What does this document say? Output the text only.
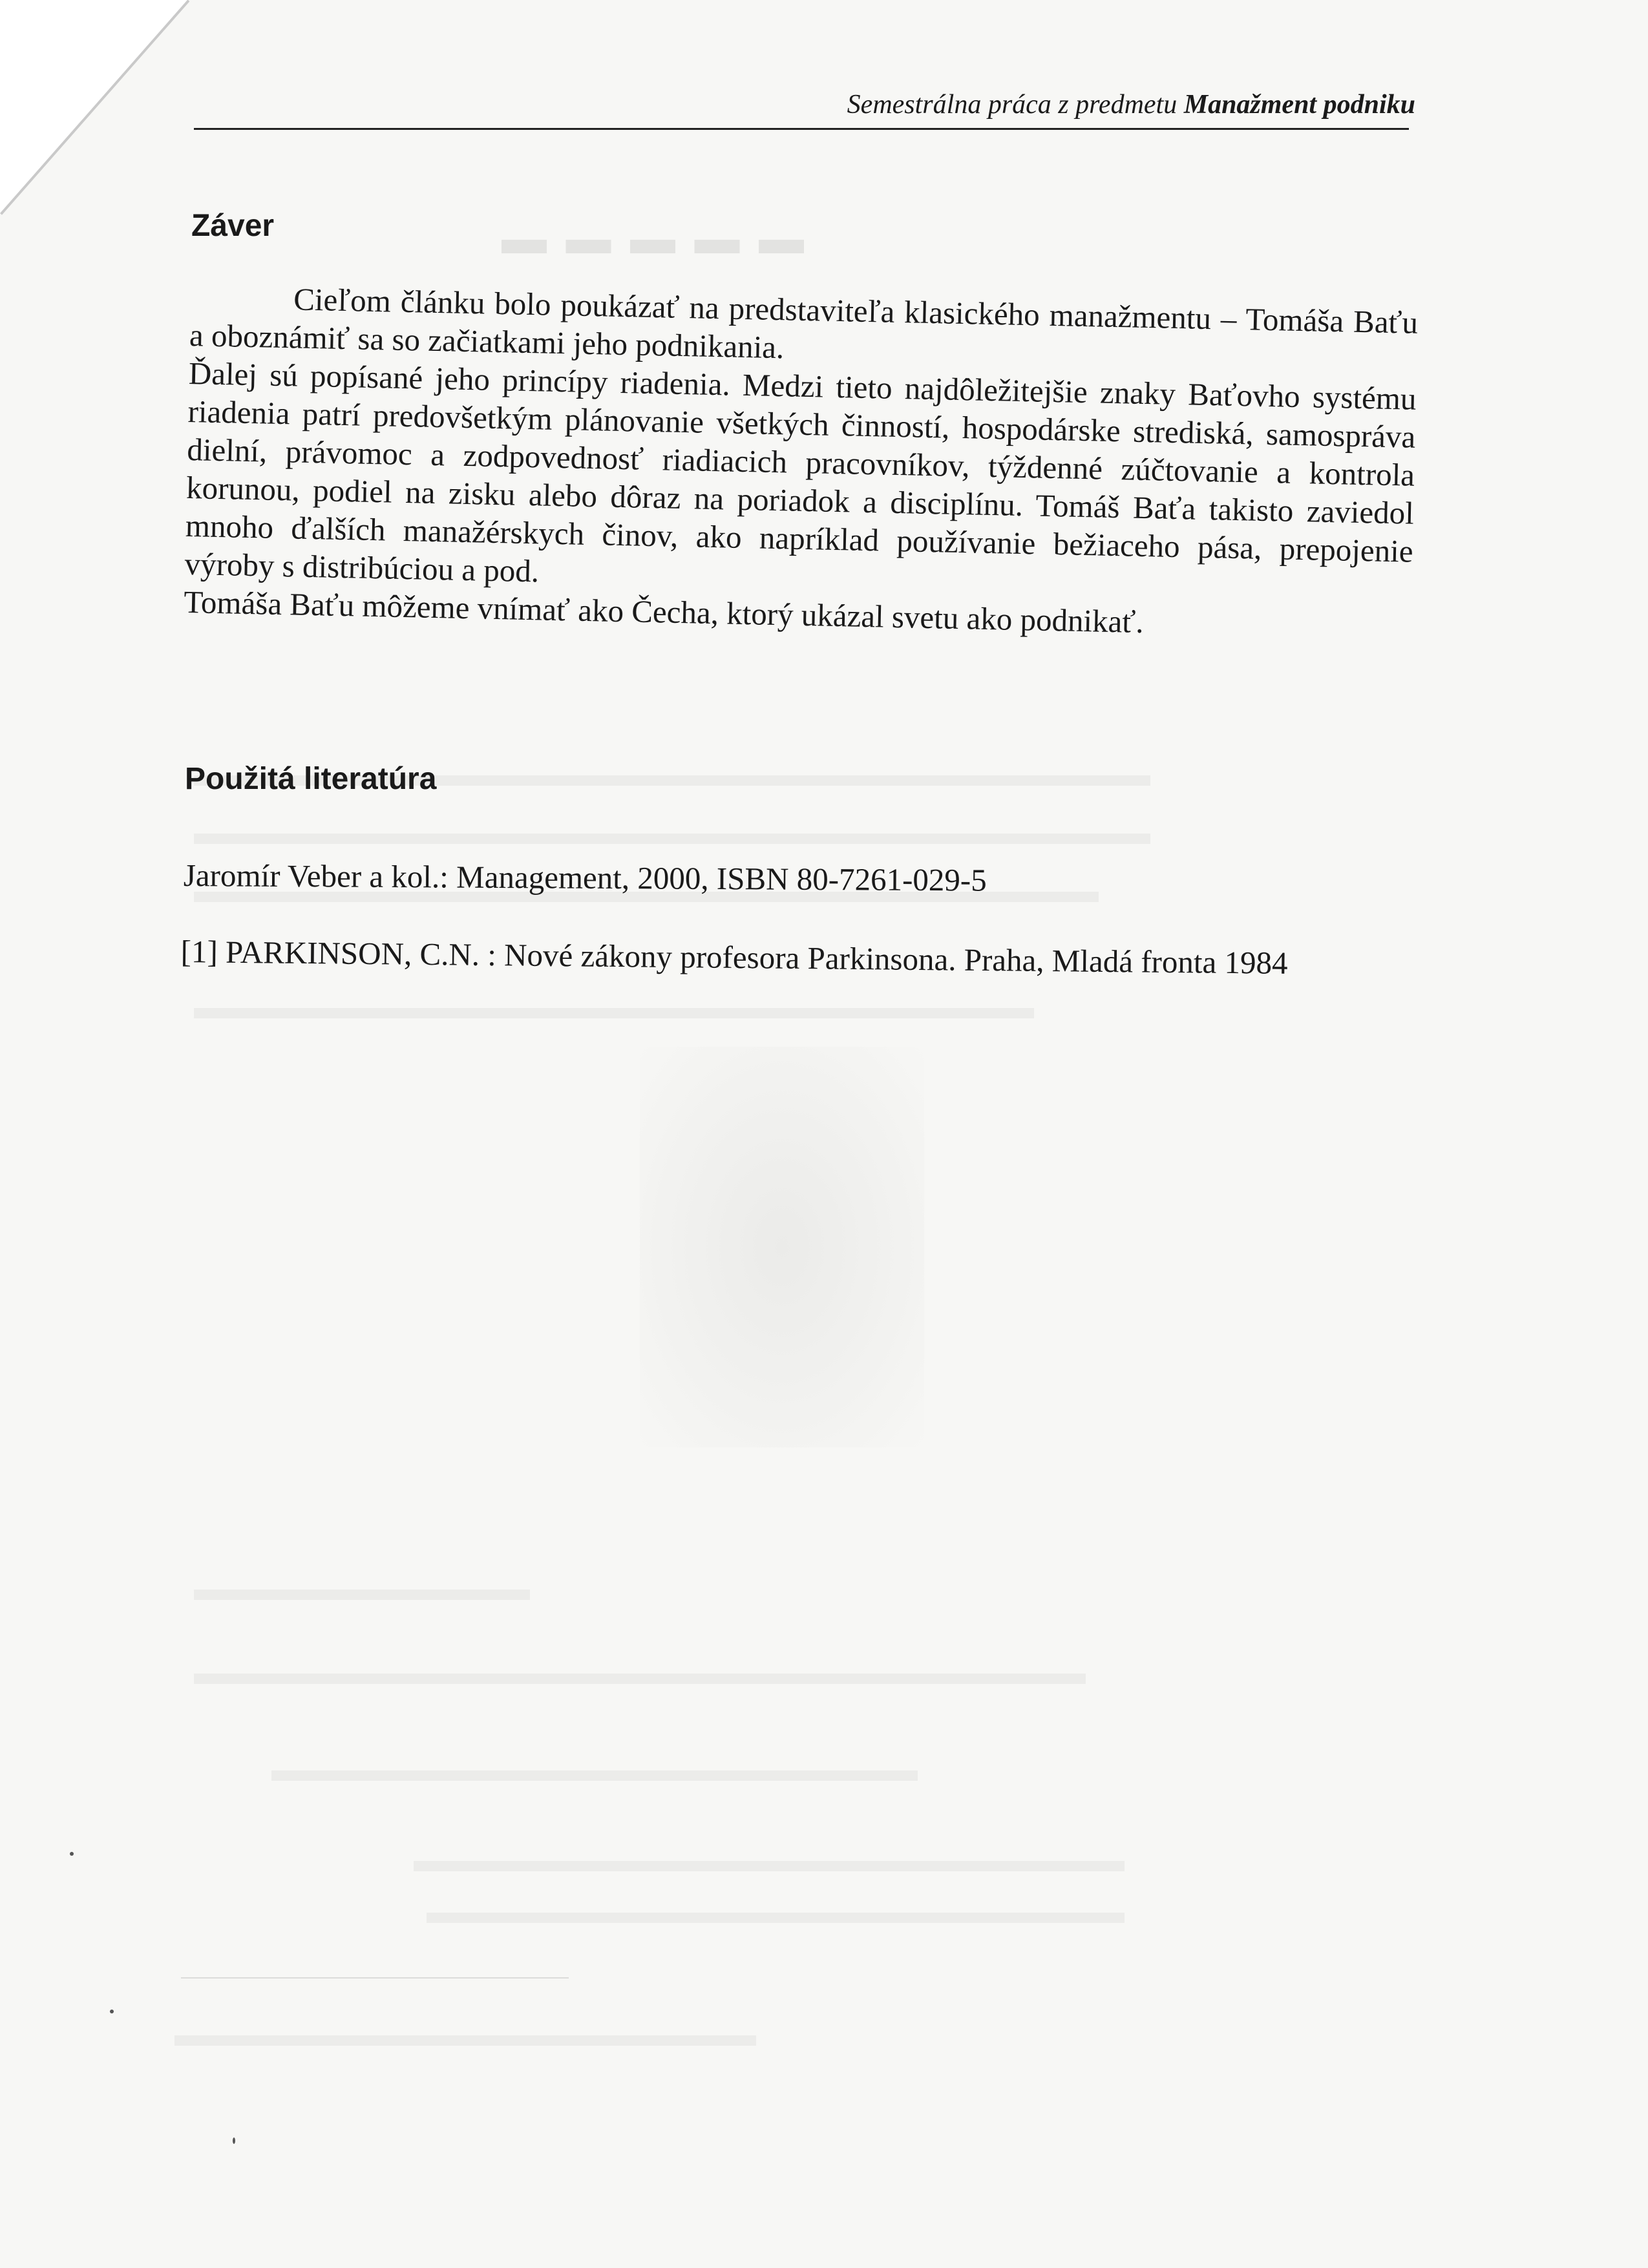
▬ ▬ ▬ ▬ ▬
Semestrálna práca z predmetu Manažment podniku
Záver

Cieľom článku bolo poukázať na predstaviteľa klasického manažmentu – Tomáša Baťu a oboznámiť sa so začiatkami jeho podnikania.

Ďalej sú popísané jeho princípy riadenia. Medzi tieto najdôležitejšie znaky Baťovho systému riadenia patrí predovšetkým plánovanie všetkých činností, hospodárske strediská, samospráva dielní, právomoc a zodpovednosť riadiacich pracovníkov, týždenné zúčtovanie a kontrola korunou, podiel na zisku alebo dôraz na poriadok a disciplínu. Tomáš Baťa takisto zaviedol mnoho ďalších manažérskych činov, ako napríklad používanie bežiaceho pása, prepojenie výroby s distribúciou a pod.

Tomáša Baťu môžeme vnímať ako Čecha, ktorý ukázal svetu ako podnikať.

Použitá literatúra
Jaromír Veber a kol.: Management, 2000, ISBN 80-7261-029-5
[1] PARKINSON, C.N. : Nové zákony profesora Parkinsona. Praha, Mladá fronta 1984
